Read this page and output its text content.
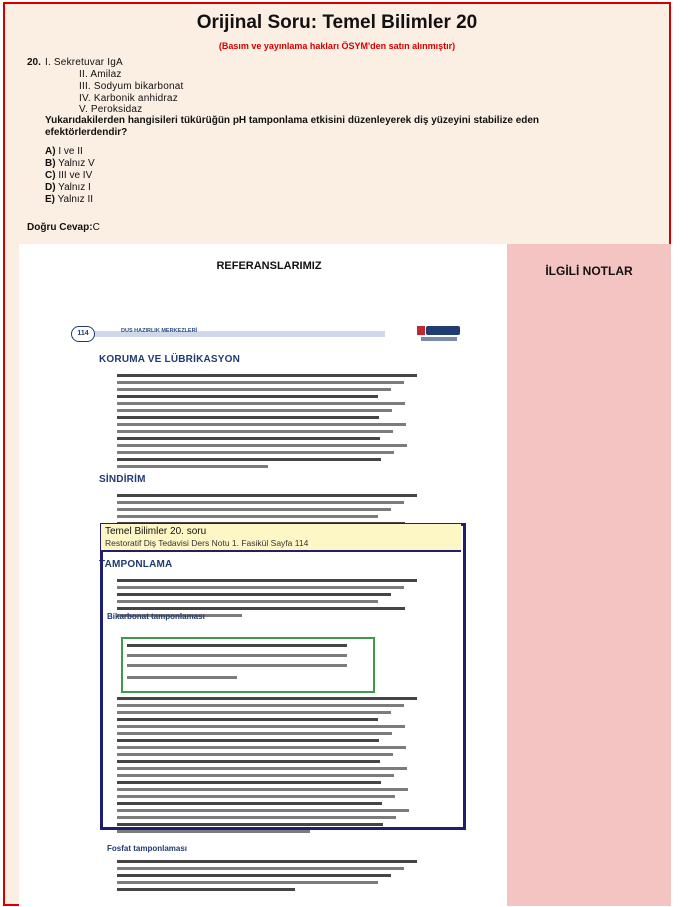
Orijinal Soru: Temel Bilimler 20
(Basım ve yayınlama hakları ÖSYM'den satın alınmıştır)
20. I. Sekretuvar IgA
II. Amilaz
III. Sodyum bikarbonat
IV. Karbonik anhidraz
V. Peroksidaz
Yukarıdakilerden hangisileri tükürüğün pH tamponlama etkisini düzenleyerek diş yüzeyini stabilize eden efektörlerdendir?
A) I ve II
B) Yalnız V
C) III ve IV
D) Yalnız I
E) Yalnız II
Doğru Cevap:C
REFERANSLARIMIZ
DUS HAZIRLIK MERKEZLERİ
114
KORUMA VE LÜBRİKASYON
SİNDİRİM
TAMPONLAMA
Bikarbonat tamponlaması
Fosfat tamponlaması
İLGİLİ NOTLAR
Temel Bilimler 20. soru
Restoratif Diş Tedavisi Ders Notu 1. Fasikül Sayfa 114
